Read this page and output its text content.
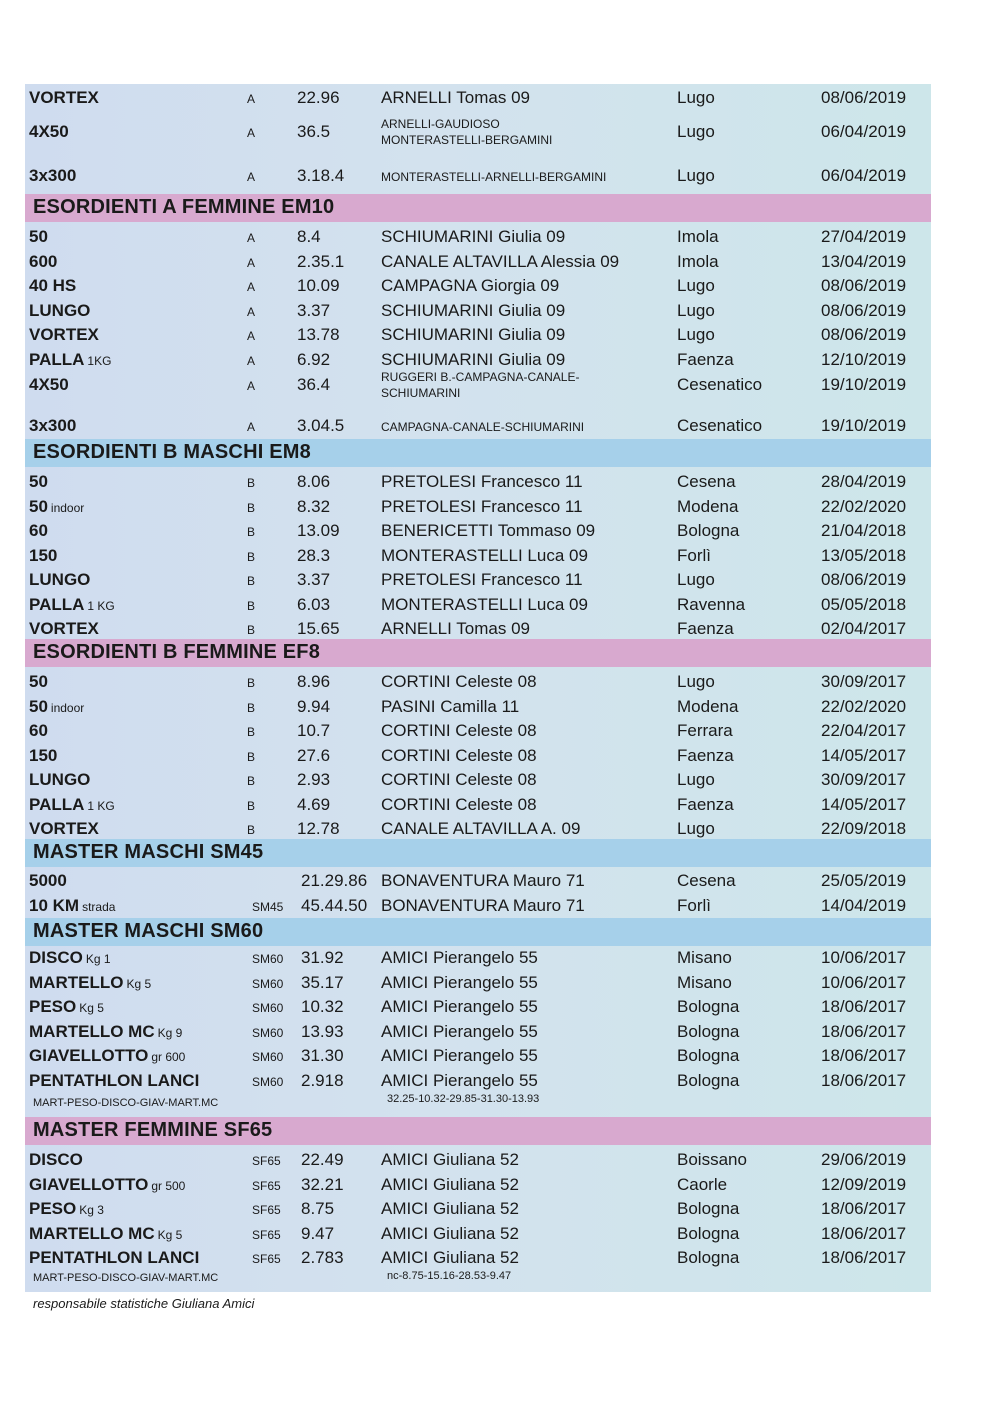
VORTEX	A 22.96 ARNELLI Tomas 09	Lugo	08/06/2019
4X50	A 36.5	ARNELLI-GAUDIOSO MONTERASTELLI-BERGAMINI	Lugo	06/04/2019
3x300	A 3.18.4	MONTERASTELLI-ARNELLI-BERGAMINI	Lugo	06/04/2019
ESORDIENTI A FEMMINE EM10
50	A 8.4	SCHIUMARINI Giulia 09	Imola	27/04/2019
600	A 2.35.1 CANALE ALTAVILLA Alessia 09	Imola	13/04/2019
40 HS	A 10.09 CAMPAGNA Giorgia 09	Lugo	08/06/2019
LUNGO	A 3.37	SCHIUMARINI Giulia 09	Lugo	08/06/2019
VORTEX	A 13.78 SCHIUMARINI Giulia 09	Lugo	08/06/2019
PALLA 1KG	A 6.92	SCHIUMARINI Giulia 09	Faenza	12/10/2019
4X50	A	36.4	RUGGERI B.-CAMPAGNA-CANALE- SCHIUMARINI	Cesenatico	19/10/2019
3x300	A 3.04.5	CAMPAGNA-CANALE-SCHIUMARINI	Cesenatico	19/10/2019
ESORDIENTI B MASCHI EM8
50	B 8.06	PRETOLESI Francesco 11	Cesena	28/04/2019
50 indoor	B 8.32	PRETOLESI Francesco 11	Modena	22/02/2020
60	B 13.09 BENERICETTI Tommaso 09	Bologna	21/04/2018
150	B 28.3	MONTERASTELLI Luca 09	Forlì	13/05/2018
LUNGO	B 3.37	PRETOLESI Francesco 11	Lugo	08/06/2019
PALLA 1 KG	B 6.03	MONTERASTELLI Luca 09	Ravenna	05/05/2018
VORTEX	B 15.65 ARNELLI Tomas 09	Faenza	02/04/2017
ESORDIENTI B FEMMINE EF8
50	B 8.96	CORTINI Celeste 08	Lugo	30/09/2017
50 indoor	B 9.94	PASINI Camilla 11	Modena	22/02/2020
60	B 10.7	CORTINI Celeste 08	Ferrara	22/04/2017
150	B 27.6	CORTINI Celeste 08	Faenza	14/05/2017
LUNGO	B 2.93	CORTINI Celeste 08	Lugo	30/09/2017
PALLA 1 KG	B 4.69	CORTINI Celeste 08	Faenza	14/05/2017
VORTEX	B 12.78 CANALE ALTAVILLA A. 09	Lugo	22/09/2018
MASTER MASCHI SM45
5000	21.29.86 BONAVENTURA Mauro 71	Cesena	25/05/2019
10 KM strada	SM45 45.44.50 BONAVENTURA Mauro 71	Forlì	14/04/2019
MASTER MASCHI SM60
DISCO Kg 1	SM60 31.92 AMICI Pierangelo 55	Misano	10/06/2017
MARTELLO Kg 5	SM60 35.17 AMICI Pierangelo 55	Misano	10/06/2017
PESO Kg 5	SM60 10.32 AMICI Pierangelo 55	Bologna	18/06/2017
MARTELLO MC Kg 9	SM60 13.93 AMICI Pierangelo 55	Bologna	18/06/2017
GIAVELLOTTO gr 600	SM60 31.30 AMICI Pierangelo 55	Bologna	18/06/2017
PENTATHLON LANCI	SM60 2.918 AMICI Pierangelo 55	Bologna	18/06/2017
MART-PESO-DISCO-GIAV-MART.MC	32.25-10.32-29.85-31.30-13.93
MASTER FEMMINE SF65
DISCO	SF65 22.49 AMICI Giuliana 52	Boissano	29/06/2019
GIAVELLOTTO gr 500	SF65 32.21 AMICI Giuliana 52	Caorle	12/09/2019
PESO Kg 3	SF65 8.75	AMICI Giuliana 52	Bologna	18/06/2017
MARTELLO MC Kg 5	SF65 9.47	AMICI Giuliana 52	Bologna	18/06/2017
PENTATHLON LANCI	SF65 2.783 AMICI Giuliana 52	Bologna	18/06/2017
MART-PESO-DISCO-GIAV-MART.MC	nc-8.75-15.16-28.53-9.47
responsabile statistiche Giuliana Amici
